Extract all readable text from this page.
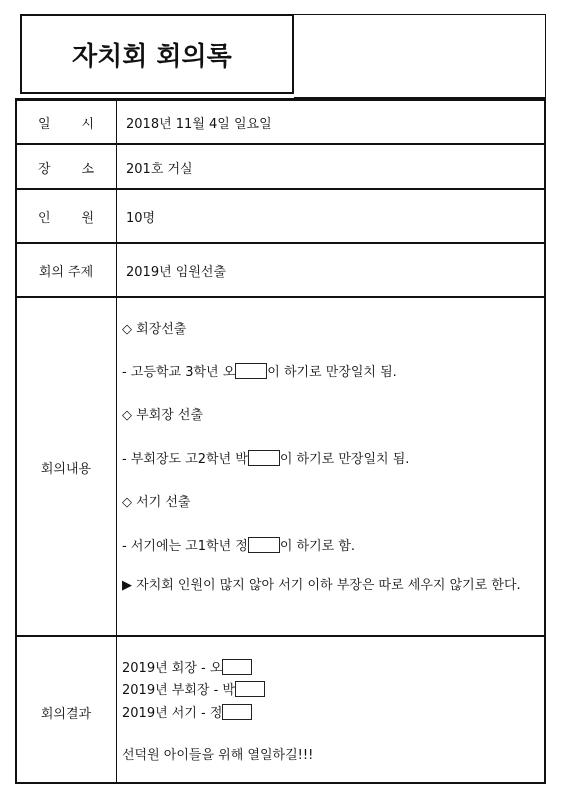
자치회 회의록
일 시 2018년 11월 4일 일요일
장 소 201호 거실
인 원 10명
회의 주제	2019년 임원선출
회의내용
◇ 회장선출
- 고등학교 3학년 오 이 하기로 만장일치 됨.
◇ 부회장 선출
- 부회장도 고2학년 박 이 하기로 만장일치 됨.
◇ 서기 선출
- 서기에는 고1학년 정 이 하기로 함.
▶ 자치회 인원이 많지 않아 서기 이하 부장은 따로 세우지 않기로 한다.
회의결과
2019년 회장 - 오
2019년 부회장 - 박
2019년 서기 - 정
선덕원 아이들을 위해 열일하길!!!
